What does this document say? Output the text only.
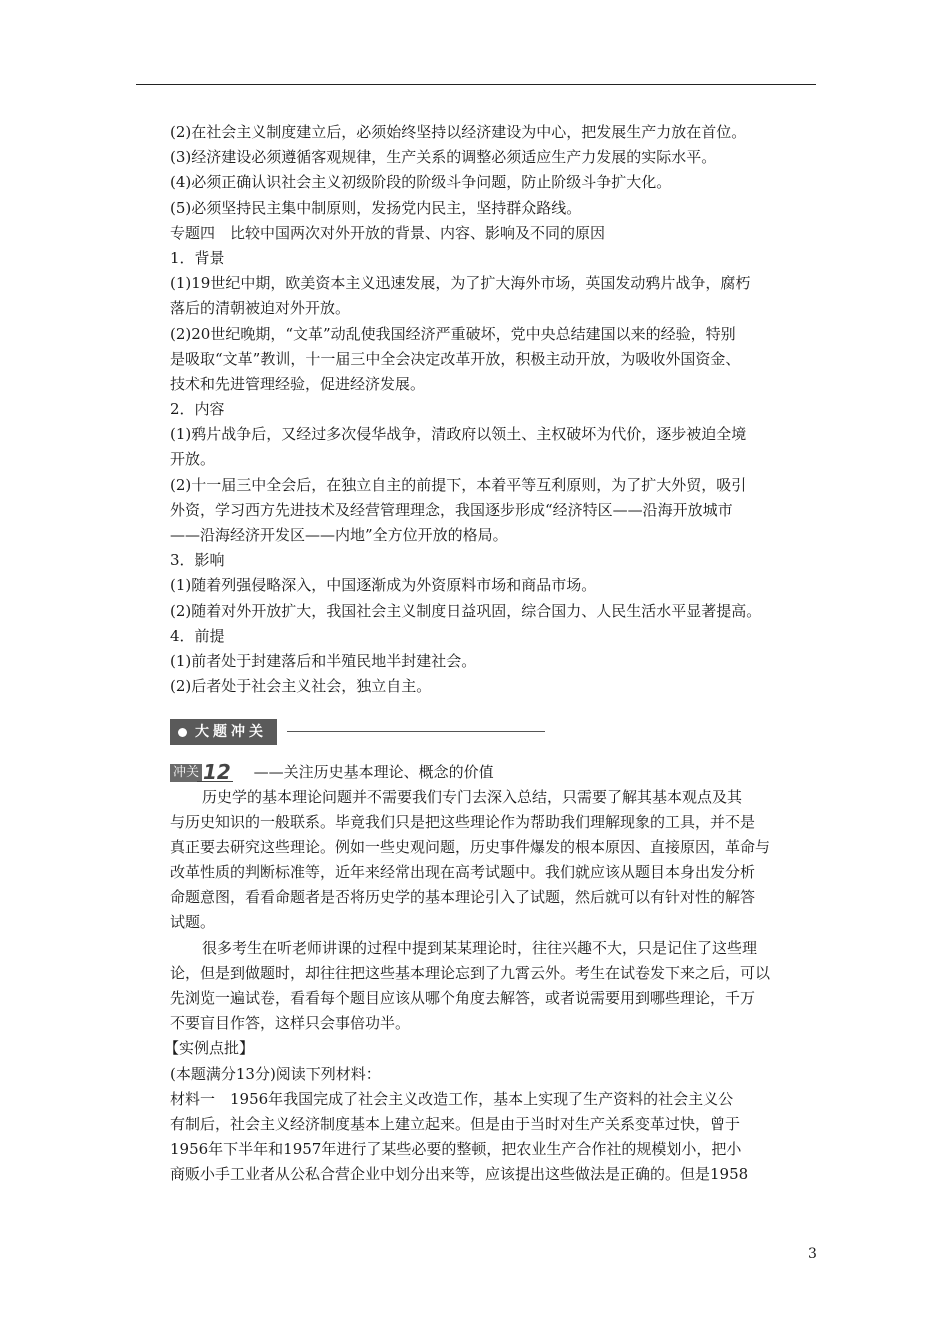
(2)在社会主义制度建立后，必须始终坚持以经济建设为中心，把发展生产力放在首位。
(3)经济建设必须遵循客观规律，生产关系的调整必须适应生产力发展的实际水平。
(4)必须正确认识社会主义初级阶段的阶级斗争问题，防止阶级斗争扩大化。
(5)必须坚持民主集中制原则，发扬党内民主，坚持群众路线。
专题四　比较中国两次对外开放的背景、内容、影响及不同的原因
1．背景
(1)19世纪中期，欧美资本主义迅速发展，为了扩大海外市场，英国发动鸦片战争，腐朽
落后的清朝被迫对外开放。
(2)20世纪晚期，“文革”动乱使我国经济严重破坏，党中央总结建国以来的经验，特别
是吸取“文革”教训，十一届三中全会决定改革开放，积极主动开放，为吸收外国资金、
技术和先进管理经验，促进经济发展。
2．内容
(1)鸦片战争后，又经过多次侵华战争，清政府以领土、主权破坏为代价，逐步被迫全境
开放。
(2)十一届三中全会后，在独立自主的前提下，本着平等互利原则，为了扩大外贸，吸引
外资，学习西方先进技术及经营管理理念，我国逐步形成“经济特区——沿海开放城市
——沿海经济开发区——内地”全方位开放的格局。
3．影响
(1)随着列强侵略深入，中国逐渐成为外资原料市场和商品市场。
(2)随着对外开放扩大，我国社会主义制度日益巩固，综合国力、人民生活水平显著提高。
4．前提
(1)前者处于封建落后和半殖民地半封建社会。
(2)后者处于社会主义社会，独立自主。
大题冲关
冲关 12 ——关注历史基本理论、概念的价值
历史学的基本理论问题并不需要我们专门去深入总结，只需要了解其基本观点及其
与历史知识的一般联系。毕竟我们只是把这些理论作为帮助我们理解现象的工具，并不是
真正要去研究这些理论。例如一些史观问题，历史事件爆发的根本原因、直接原因，革命与
改革性质的判断标准等，近年来经常出现在高考试题中。我们就应该从题目本身出发分析
命题意图，看看命题者是否将历史学的基本理论引入了试题，然后就可以有针对性的解答
试题。
很多考生在听老师讲课的过程中提到某某理论时，往往兴趣不大，只是记住了这些理
论，但是到做题时，却往往把这些基本理论忘到了九霄云外。考生在试卷发下来之后，可以
先浏览一遍试卷，看看每个题目应该从哪个角度去解答，或者说需要用到哪些理论，千万
不要盲目作答，这样只会事倍功半。
【实例点批】
(本题满分13分)阅读下列材料：
材料一　1956年我国完成了社会主义改造工作，基本上实现了生产资料的社会主义公
有制后，社会主义经济制度基本上建立起来。但是由于当时对生产关系变革过快，曾于
1956年下半年和1957年进行了某些必要的整顿，把农业生产合作社的规模划小，把小
商贩小手工业者从公私合营企业中划分出来等，应该提出这些做法是正确的。但是1958
3
